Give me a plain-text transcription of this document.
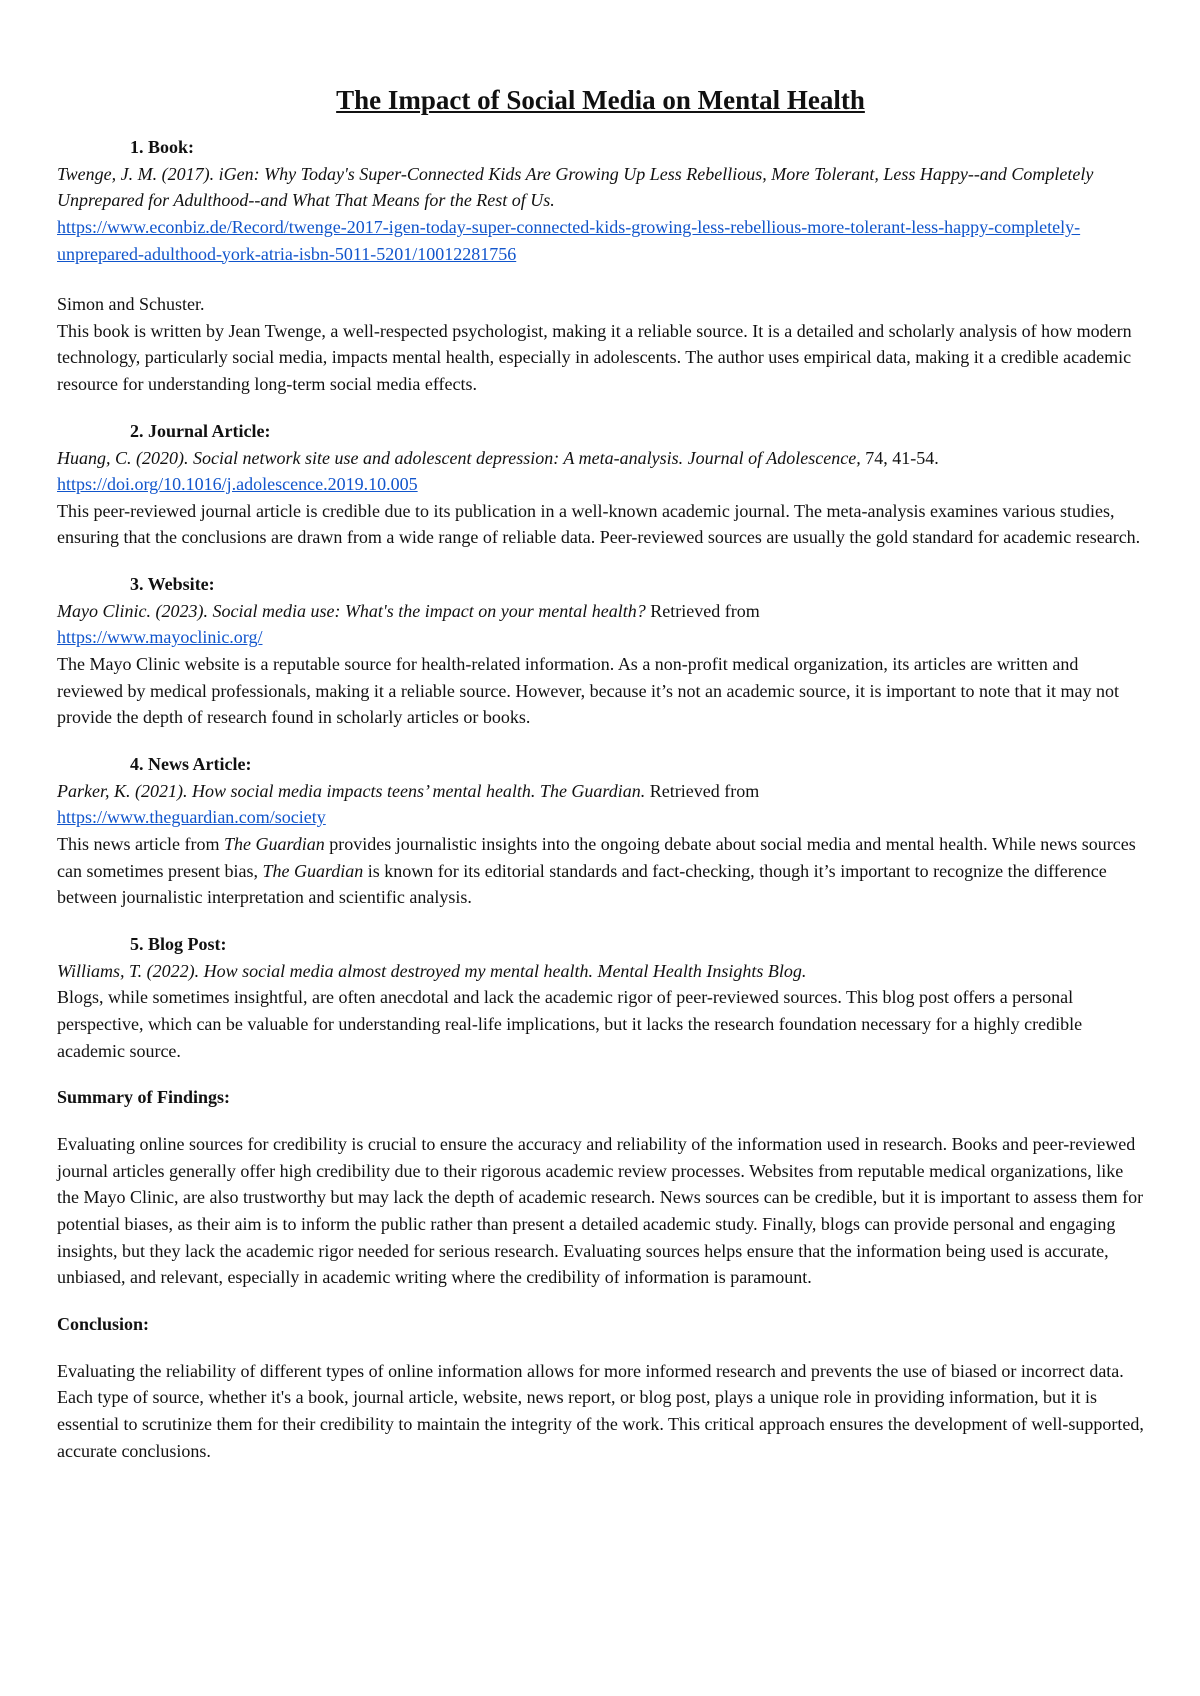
The Impact of Social Media on Mental Health
1. Book:

Twenge, J. M. (2017). iGen: Why Today's Super-Connected Kids Are Growing Up Less Rebellious, More Tolerant, Less Happy--and Completely Unprepared for Adulthood--and What That Means for the Rest of Us.

https://www.econbiz.de/Record/twenge-2017-igen-today-super-connected-kids-growing-less-rebellious-more-tolerant-less-happy-completely-unprepared-adulthood-york-atria-isbn-5011-5201/10012281756

Simon and Schuster.

This book is written by Jean Twenge, a well-respected psychologist, making it a reliable source. It is a detailed and scholarly analysis of how modern technology, particularly social media, impacts mental health, especially in adolescents. The author uses empirical data, making it a credible academic resource for understanding long-term social media effects.

2. Journal Article:

Huang, C. (2020). Social network site use and adolescent depression: A meta-analysis. Journal of Adolescence, 74, 41-54. https://doi.org/10.1016/j.adolescence.2019.10.005

This peer-reviewed journal article is credible due to its publication in a well-known academic journal. The meta-analysis examines various studies, ensuring that the conclusions are drawn from a wide range of reliable data. Peer-reviewed sources are usually the gold standard for academic research.

3. Website:

Mayo Clinic. (2023). Social media use: What's the impact on your mental health? Retrieved from

https://www.mayoclinic.org/

The Mayo Clinic website is a reputable source for health-related information. As a non-profit medical organization, its articles are written and reviewed by medical professionals, making it a reliable source. However, because it’s not an academic source, it is important to note that it may not provide the depth of research found in scholarly articles or books.

4. News Article:

Parker, K. (2021). How social media impacts teens’ mental health. The Guardian. Retrieved from

https://www.theguardian.com/society

This news article from The Guardian provides journalistic insights into the ongoing debate about social media and mental health. While news sources can sometimes present bias, The Guardian is known for its editorial standards and fact-checking, though it’s important to recognize the difference between journalistic interpretation and scientific analysis.

5. Blog Post:

Williams, T. (2022). How social media almost destroyed my mental health. Mental Health Insights Blog.

Blogs, while sometimes insightful, are often anecdotal and lack the academic rigor of peer-reviewed sources. This blog post offers a personal perspective, which can be valuable for understanding real-life implications, but it lacks the research foundation necessary for a highly credible academic source.

Summary of Findings:

Evaluating online sources for credibility is crucial to ensure the accuracy and reliability of the information used in research. Books and peer-reviewed journal articles generally offer high credibility due to their rigorous academic review processes. Websites from reputable medical organizations, like the Mayo Clinic, are also trustworthy but may lack the depth of academic research. News sources can be credible, but it is important to assess them for potential biases, as their aim is to inform the public rather than present a detailed academic study. Finally, blogs can provide personal and engaging insights, but they lack the academic rigor needed for serious research. Evaluating sources helps ensure that the information being used is accurate, unbiased, and relevant, especially in academic writing where the credibility of information is paramount.

Conclusion:

Evaluating the reliability of different types of online information allows for more informed research and prevents the use of biased or incorrect data. Each type of source, whether it's a book, journal article, website, news report, or blog post, plays a unique role in providing information, but it is essential to scrutinize them for their credibility to maintain the integrity of the work. This critical approach ensures the development of well-supported, accurate conclusions.
